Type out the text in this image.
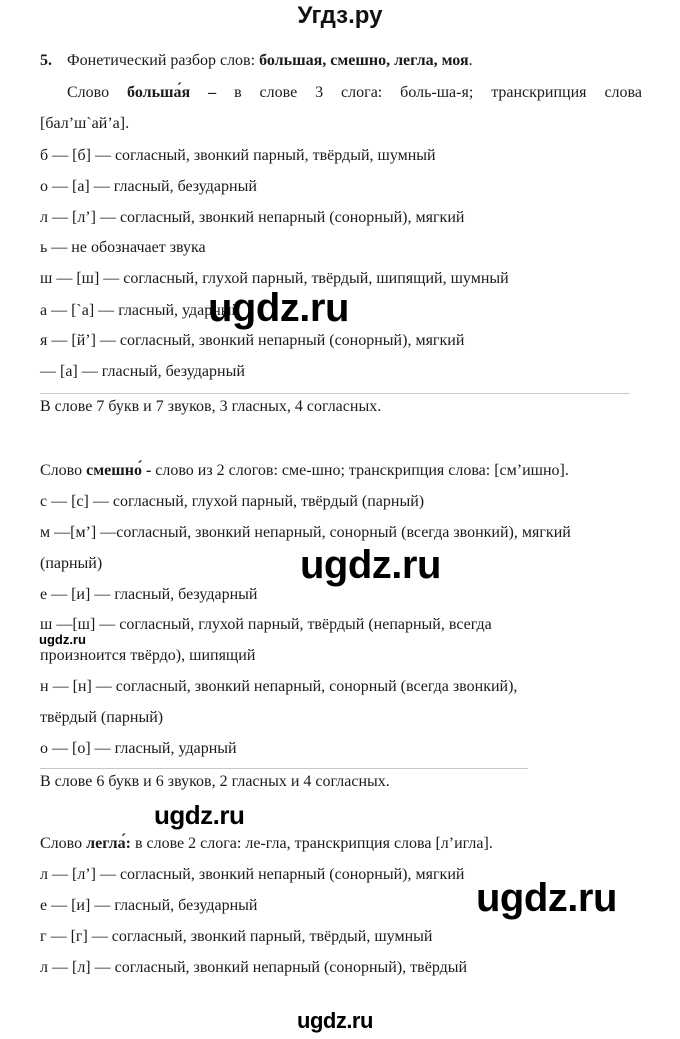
Угдз.ру
5. Фонетический разбор слов: большая, смешно, легла, моя.
Слово больша́я – в слове 3 слога: боль-ша-я; транскрипция слова
[бал’ш`ай’а].
б — [б] — согласный, звонкий парный, твёрдый, шумный
о — [а] — гласный, безударный
л — [л’] — согласный, звонкий непарный (сонорный), мягкий
ь — не обозначает звука
ш — [ш] — согласный, глухой парный, твёрдый, шипящий, шумный
а — [`а] — гласный, ударный
я — [й’] — согласный, звонкий непарный (сонорный), мягкий
— [а] — гласный, безударный
В слове 7 букв и 7 звуков, 3 гласных, 4 согласных.
Слово смешно́ - слово из 2 слогов: сме-шно; транскрипция слова: [см’ишно].
с — [с] — согласный, глухой парный, твёрдый (парный)
м —[м’] —согласный, звонкий непарный, сонорный (всегда звонкий), мягкий
(парный)
е — [и] — гласный, безударный
ш —[ш] — согласный, глухой парный, твёрдый (непарный, всегда
произноится твёрдо), шипящий
н — [н] — согласный, звонкий непарный, сонорный (всегда звонкий),
твёрдый (парный)
о — [о] — гласный, ударный
В слове 6 букв и 6 звуков, 2 гласных и 4 согласных.
Слово легла́: в слове 2 слога: ле-гла, транскрипция слова [л’игла].
л — [л’] — согласный, звонкий непарный (сонорный), мягкий
е — [и] — гласный, безударный
г — [г] — согласный, звонкий парный, твёрдый, шумный
л — [л] — согласный, звонкий непарный (сонорный), твёрдый
ugdz.ru
ugdz.ru
ugdz.ru
ugdz.ru
ugdz.ru
ugdz.ru
